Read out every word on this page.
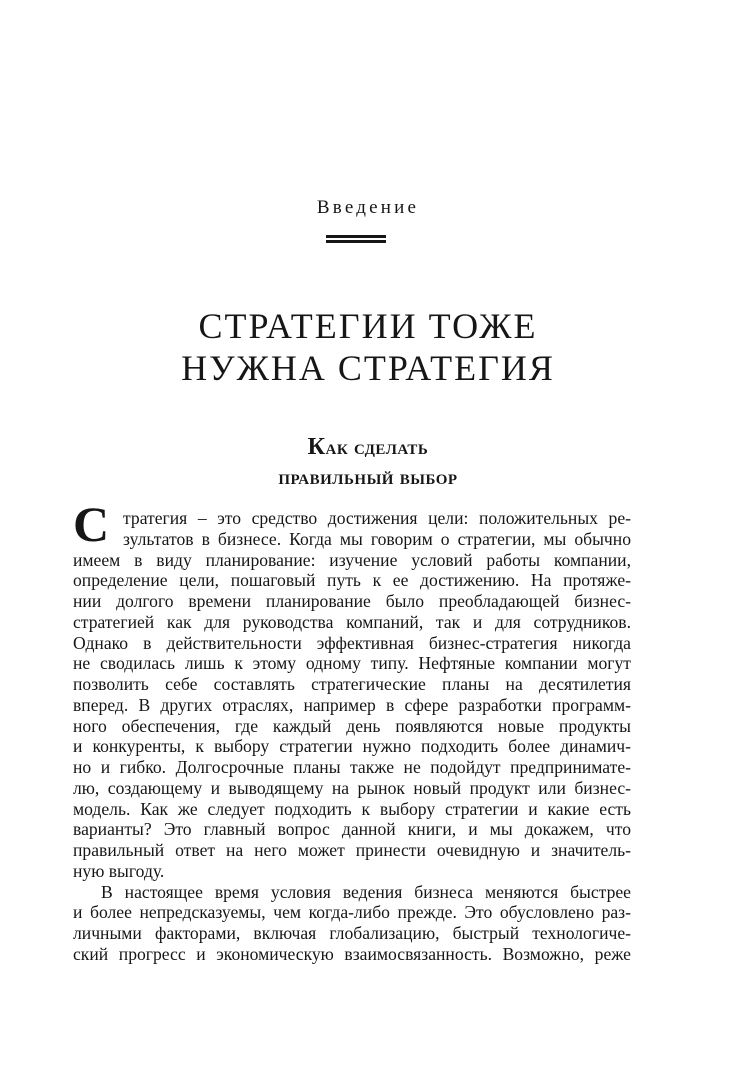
Введение
СТРАТЕГИИ ТОЖЕ
НУЖНА СТРАТЕГИЯ
Как сделать
правильный выбор
С тратегия – это средство достижения цели: положительных ре-
зультатов в бизнесе. Когда мы говорим о стратегии, мы обычно
имеем в виду планирование: изучение условий работы компании,
определение цели, пошаговый путь к ее достижению. На протяже-
нии долгого времени планирование было преобладающей бизнес-
стратегией как для руководства компаний, так и для сотрудников.
Однако в действительности эффективная бизнес-стратегия никогда
не сводилась лишь к этому одному типу. Нефтяные компании могут
позволить себе составлять стратегические планы на десятилетия
вперед. В других отраслях, например в сфере разработки программ-
ного обеспечения, где каждый день появляются новые продукты
и конкуренты, к выбору стратегии нужно подходить более динамич-
но и гибко. Долгосрочные планы также не подойдут предпринимате-
лю, создающему и выводящему на рынок новый продукт или бизнес-
модель. Как же следует подходить к выбору стратегии и какие есть
варианты? Это главный вопрос данной книги, и мы докажем, что
правильный ответ на него может принести очевидную и значитель-
ную выгоду.
В настоящее время условия ведения бизнеса меняются быстрее
и более непредсказуемы, чем когда-либо прежде. Это обусловлено раз-
личными факторами, включая глобализацию, быстрый технологиче-
ский прогресс и экономическую взаимосвязанность. Возможно, реже
